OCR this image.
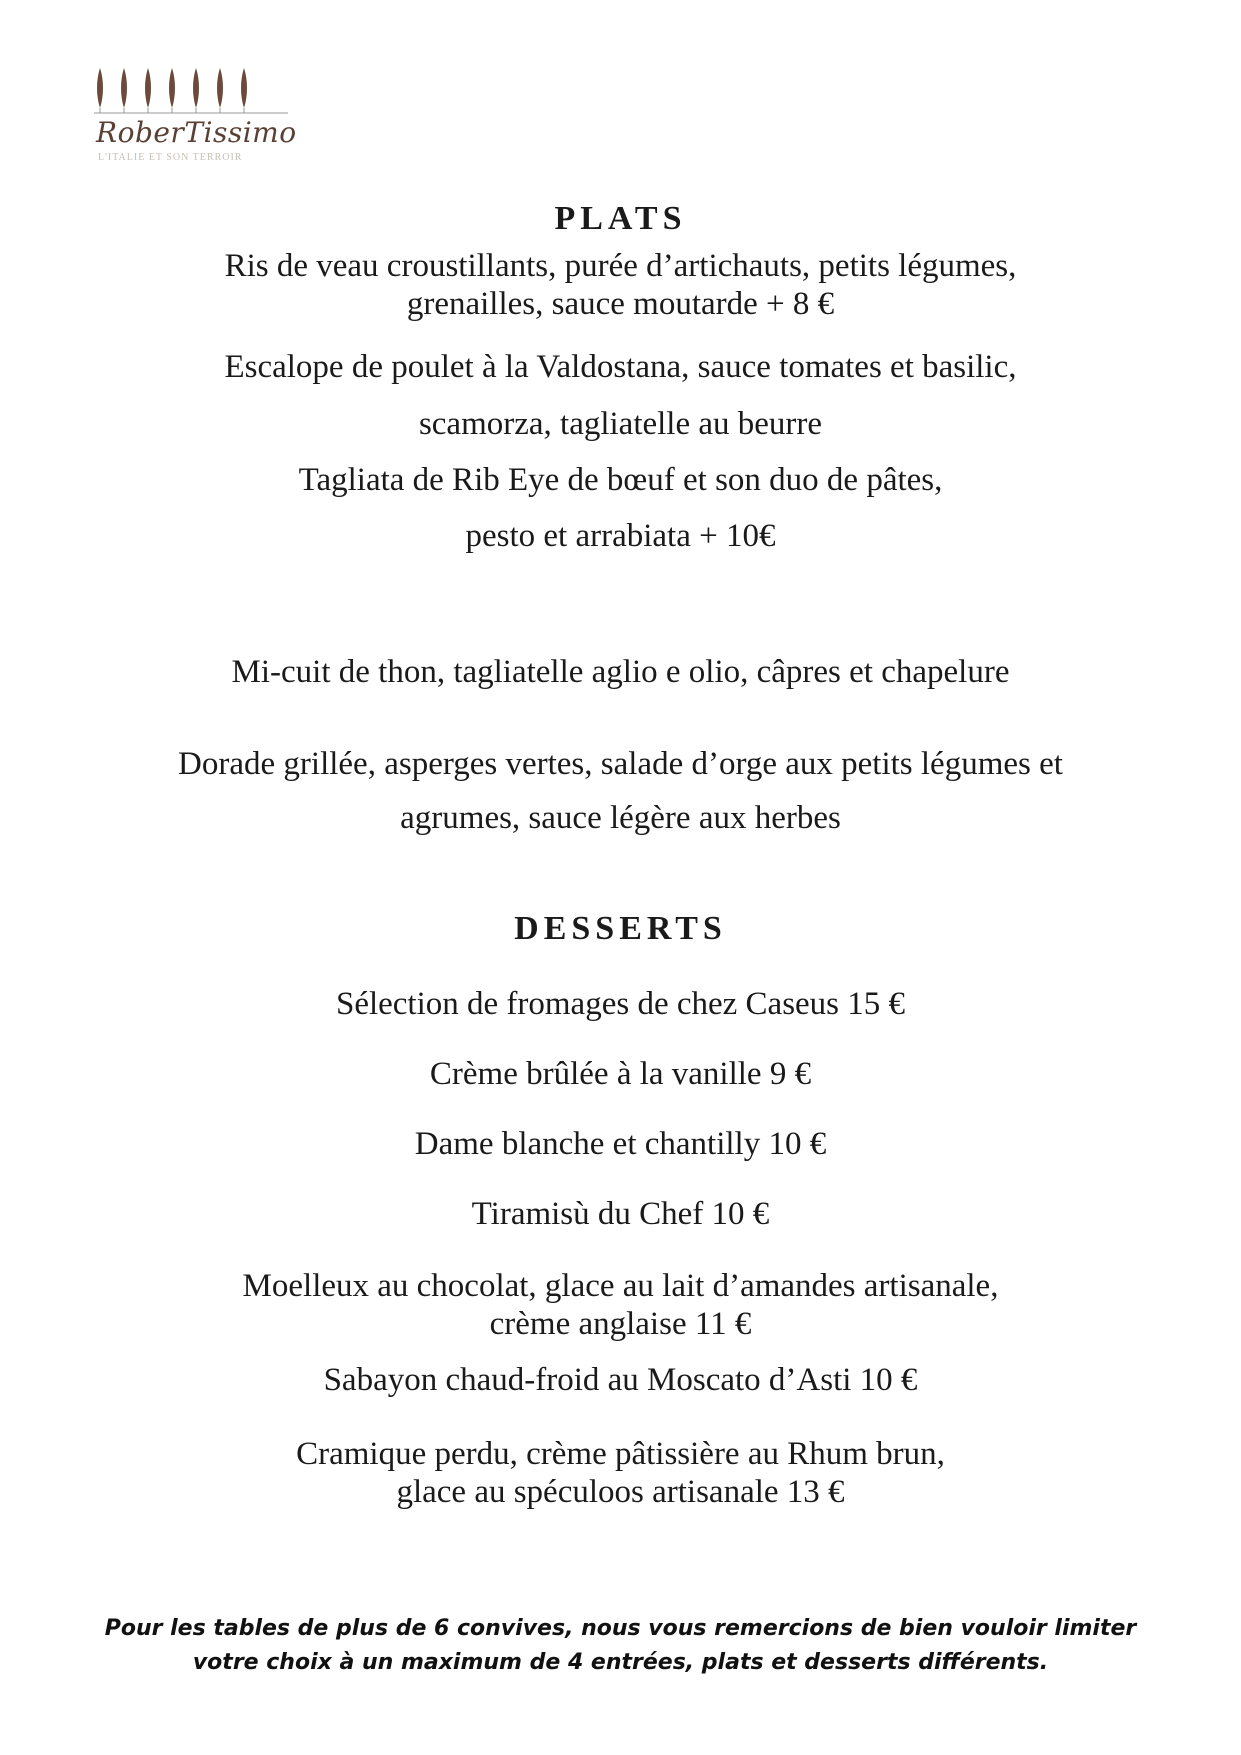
RoberTissimo
L'ITALIE ET SON TERROIR
PLATS
Ris de veau croustillants, purée d’artichauts, petits légumes,
grenailles, sauce moutarde + 8 €
Escalope de poulet à la Valdostana, sauce tomates et basilic,
scamorza, tagliatelle au beurre
Tagliata de Rib Eye de bœuf et son duo de pâtes,
pesto et arrabiata + 10€
Mi-cuit de thon, tagliatelle aglio e olio, câpres et chapelure
Dorade grillée, asperges vertes, salade d’orge aux petits légumes et
agrumes, sauce légère aux herbes
DESSERTS
Sélection de fromages de chez Caseus 15 €
Crème brûlée à la vanille 9 €
Dame blanche et chantilly 10 €
Tiramisù du Chef 10 €
Moelleux au chocolat, glace au lait d’amandes artisanale,
crème anglaise 11 €
Sabayon chaud-froid au Moscato d’Asti 10 €
Cramique perdu, crème pâtissière au Rhum brun,
glace au spéculoos artisanale 13 €
Pour les tables de plus de 6 convives, nous vous remercions de bien vouloir limiter
votre choix à un maximum de 4 entrées, plats et desserts différents.
